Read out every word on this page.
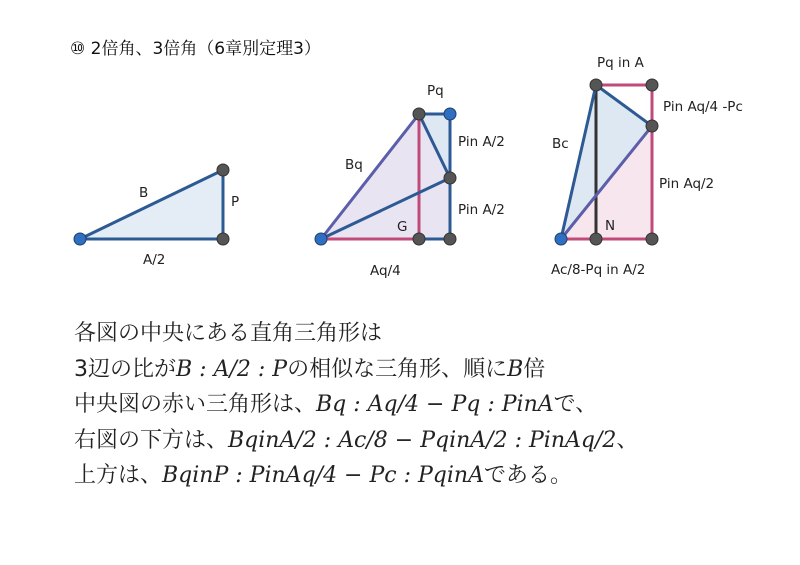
⑩ 2倍角、3倍角（6章別定理3）
B
P
A/2
Pq
Bq
Pin A/2
Pin A/2
G
Aq/4
Pq in A
Pin Aq/4 -Pc
Bc
Pin Aq/2
N
Ac/8-Pq in A/2
各図の中央にある直角三角形は
3辺の比がB : A/2 : Pの相似な三角形、順にB倍
中央図の赤い三角形は、Bq : Aq/4 − Pq : PinAで、
右図の下方は、BqinA/2 : Ac/8 − PqinA/2 : PinAq/2、
上方は、BqinP : PinAq/4 − Pc : PqinAである。
